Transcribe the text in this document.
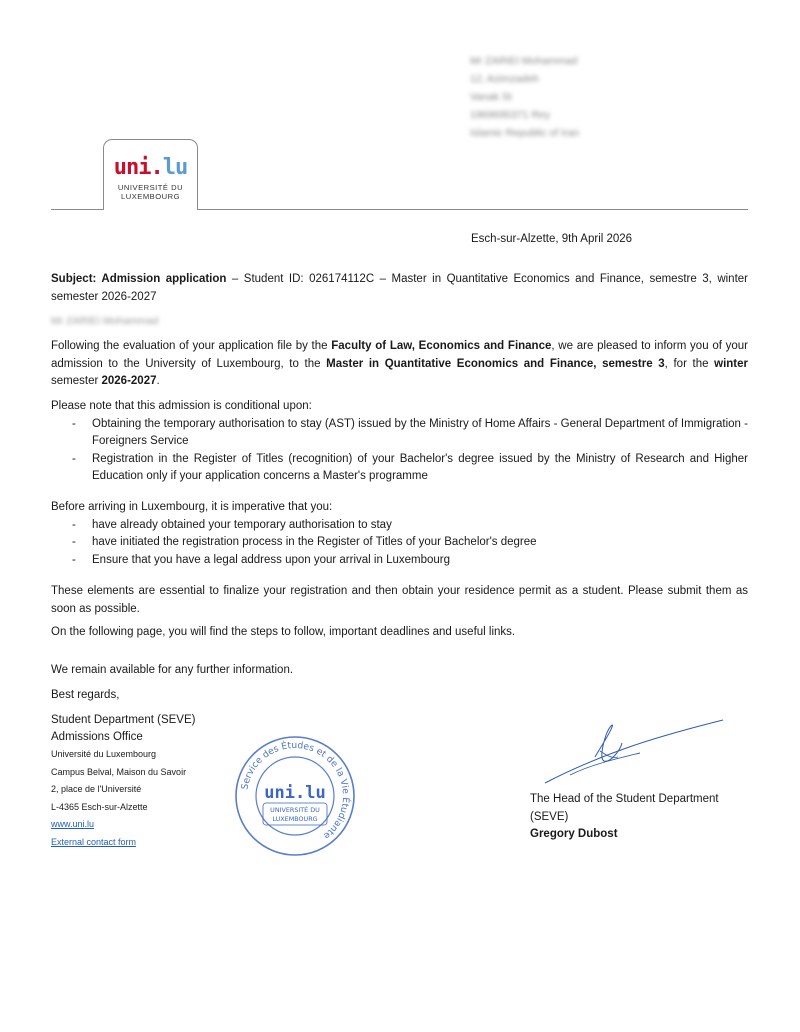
Mr ZARIEI Mohammad
12, Azimzadeh
Vanak St
1969695371 Rey
Islamic Republic of Iran
uni.lu
UNIVERSITÉ DU
LUXEMBOURG
Esch-sur-Alzette, 9th April 2026
Subject: Admission application – Student ID: 026174112C – Master in Quantitative Economics and Finance, semestre 3, winter semester 2026-2027
Mr ZARIEI Mohammad
Following the evaluation of your application file by the Faculty of Law, Economics and Finance, we are pleased to inform you of your admission to the University of Luxembourg, to the Master in Quantitative Economics and Finance, semestre 3, for the winter semester 2026-2027.
Please note that this admission is conditional upon:
- Obtaining the temporary authorisation to stay (AST) issued by the Ministry of Home Affairs - General Department of Immigration - Foreigners Service
- Registration in the Register of Titles (recognition) of your Bachelor's degree issued by the Ministry of Research and Higher Education only if your application concerns a Master's programme
Before arriving in Luxembourg, it is imperative that you:
- have already obtained your temporary authorisation to stay
- have initiated the registration process in the Register of Titles of your Bachelor's degree
- Ensure that you have a legal address upon your arrival in Luxembourg
These elements are essential to finalize your registration and then obtain your residence permit as a student. Please submit them as soon as possible.
On the following page, you will find the steps to follow, important deadlines and useful links.
We remain available for any further information.
Best regards,
Student Department (SEVE)
Admissions Office
Université du Luxembourg
Campus Belval, Maison du Savoir
2, place de l'Université
L-4365 Esch-sur-Alzette
www.uni.lu
External contact form
Service des Études et de la Vie Étudiante
uni.lu
UNIVERSITÉ DU
LUXEMBOURG
The Head of the Student Department
(SEVE)
Gregory Dubost
